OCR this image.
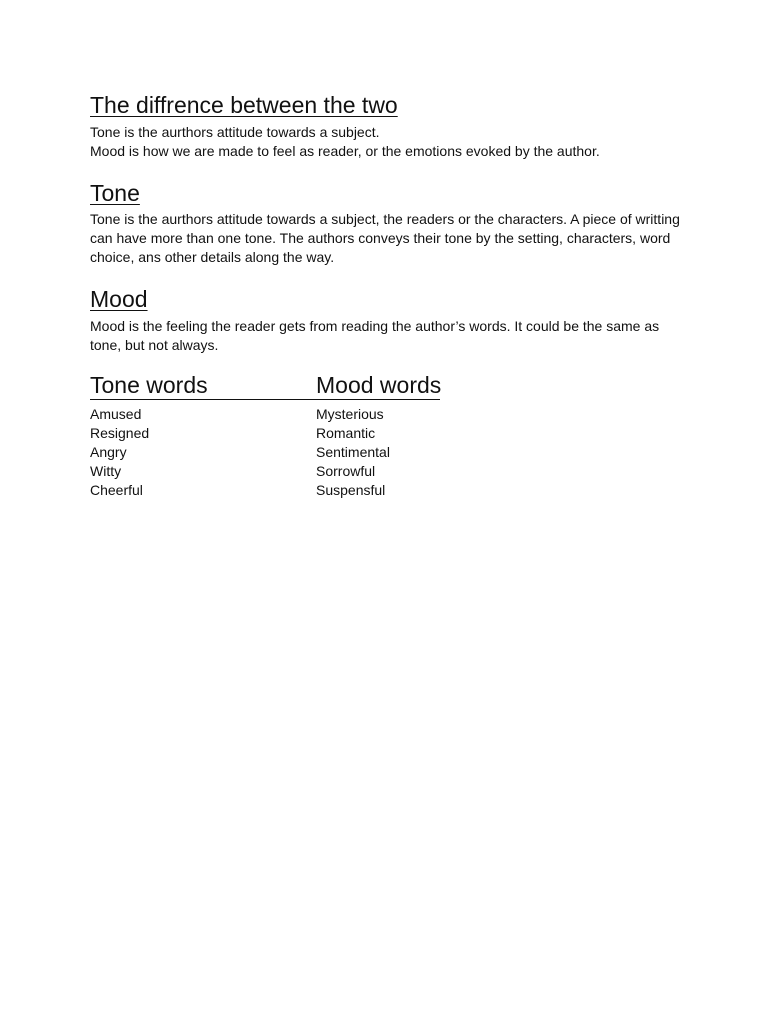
The diffrence between the two

Tone is the aurthors attitude towards a subject.

Mood is how we are made to feel as reader, or the emotions evoked by the author.

Tone

Tone is the aurthors attitude towards a subject, the readers or the characters. A piece of writting

can have more than one tone. The authors conveys their tone by the setting, characters, word

choice, ans other details along the way.

Mood

Mood is the feeling the reader gets from reading the author’s words. It could be the same as

tone, but not always.

Tone words
Amused
Resigned
Angry
Witty
Cheerful
Mood words
Mysterious
Romantic
Sentimental
Sorrowful
Suspensful
